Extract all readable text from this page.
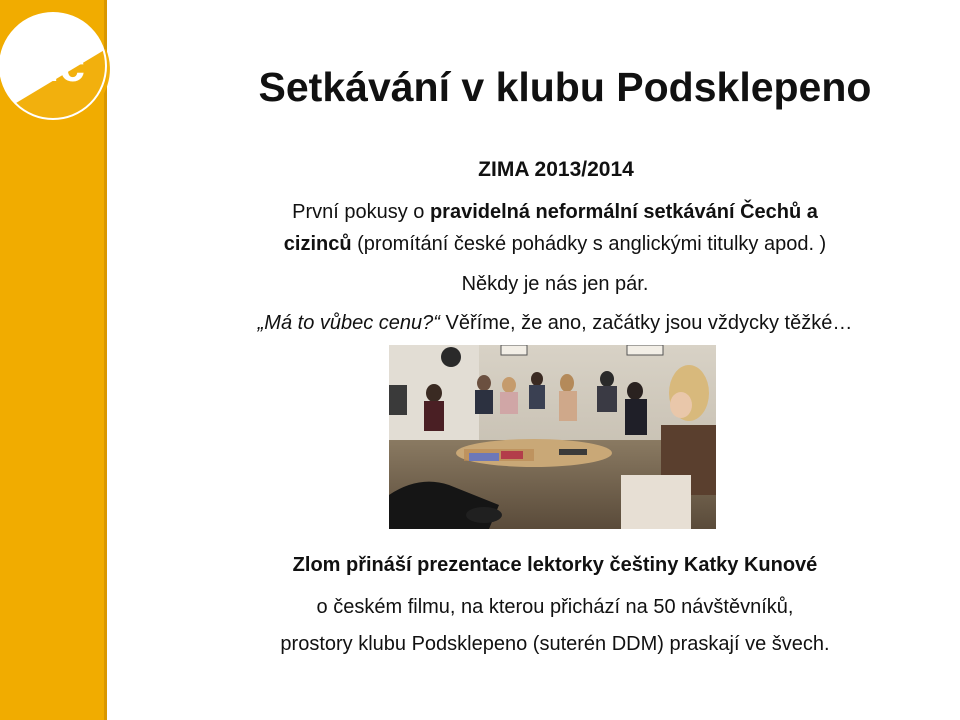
cic	Setkávání v klubu Podsklepeno
ZIMA 2013/2014
První pokusy o pravidelná neformální setkávání Čechů a
cizinců (promítání české pohádky s anglickými titulky apod. )
Někdy je nás jen pár.
„Má to vůbec cenu?“ Věříme, že ano, začátky jsou vždycky těžké…
Zlom přináší prezentace lektorky češtiny Katky Kunové
o českém filmu, na kterou přichází na 50 návštěvníků,
prostory klubu Podsklepeno (suterén DDM) praskají ve švech.
